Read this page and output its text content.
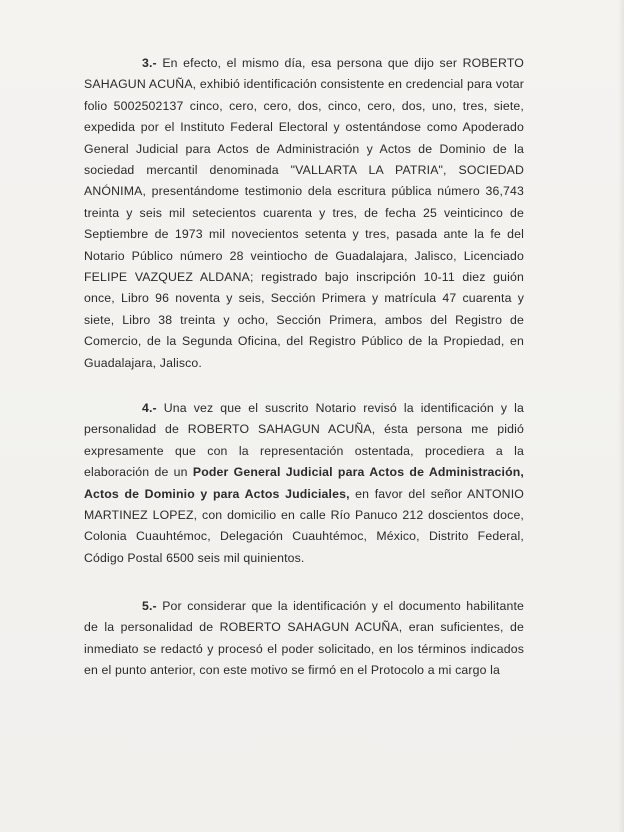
3.- En efecto, el mismo día, esa persona que dijo ser ROBERTO SAHAGUN ACUÑA, exhibió identificación consistente en credencial para votar folio 5002502137 cinco, cero, cero, dos, cinco, cero, dos, uno, tres, siete, expedida por el Instituto Federal Electoral y ostentándose como Apoderado General Judicial para Actos de Administración y Actos de Dominio de la sociedad mercantil denominada "VALLARTA LA PATRIA", SOCIEDAD ANÓNIMA, presentándome testimonio dela escritura pública número 36,743 treinta y seis mil setecientos cuarenta y tres, de fecha 25 veinticinco de Septiembre de 1973 mil novecientos setenta y tres, pasada ante la fe del Notario Público número 28 veintiocho de Guadalajara, Jalisco, Licenciado FELIPE VAZQUEZ ALDANA; registrado bajo inscripción 10-11 diez guión once, Libro 96 noventa y seis, Sección Primera y matrícula 47 cuarenta y siete, Libro 38 treinta y ocho, Sección Primera, ambos del Registro de Comercio, de la Segunda Oficina, del Registro Público de la Propiedad, en Guadalajara, Jalisco.

4.- Una vez que el suscrito Notario revisó la identificación y la personalidad de ROBERTO SAHAGUN ACUÑA, ésta persona me pidió expresamente que con la representación ostentada, procediera a la elaboración de un Poder General Judicial para Actos de Administración, Actos de Dominio y para Actos Judiciales, en favor del señor ANTONIO MARTINEZ LOPEZ, con domicilio en calle Río Panuco 212 doscientos doce, Colonia Cuauhtémoc, Delegación Cuauhtémoc, México, Distrito Federal, Código Postal 6500 seis mil quinientos.

5.- Por considerar que la identificación y el documento habilitante de la personalidad de ROBERTO SAHAGUN ACUÑA, eran suficientes, de inmediato se redactó y procesó el poder solicitado, en los términos indicados en el punto anterior, con este motivo se firmó en el Protocolo a mi cargo la
